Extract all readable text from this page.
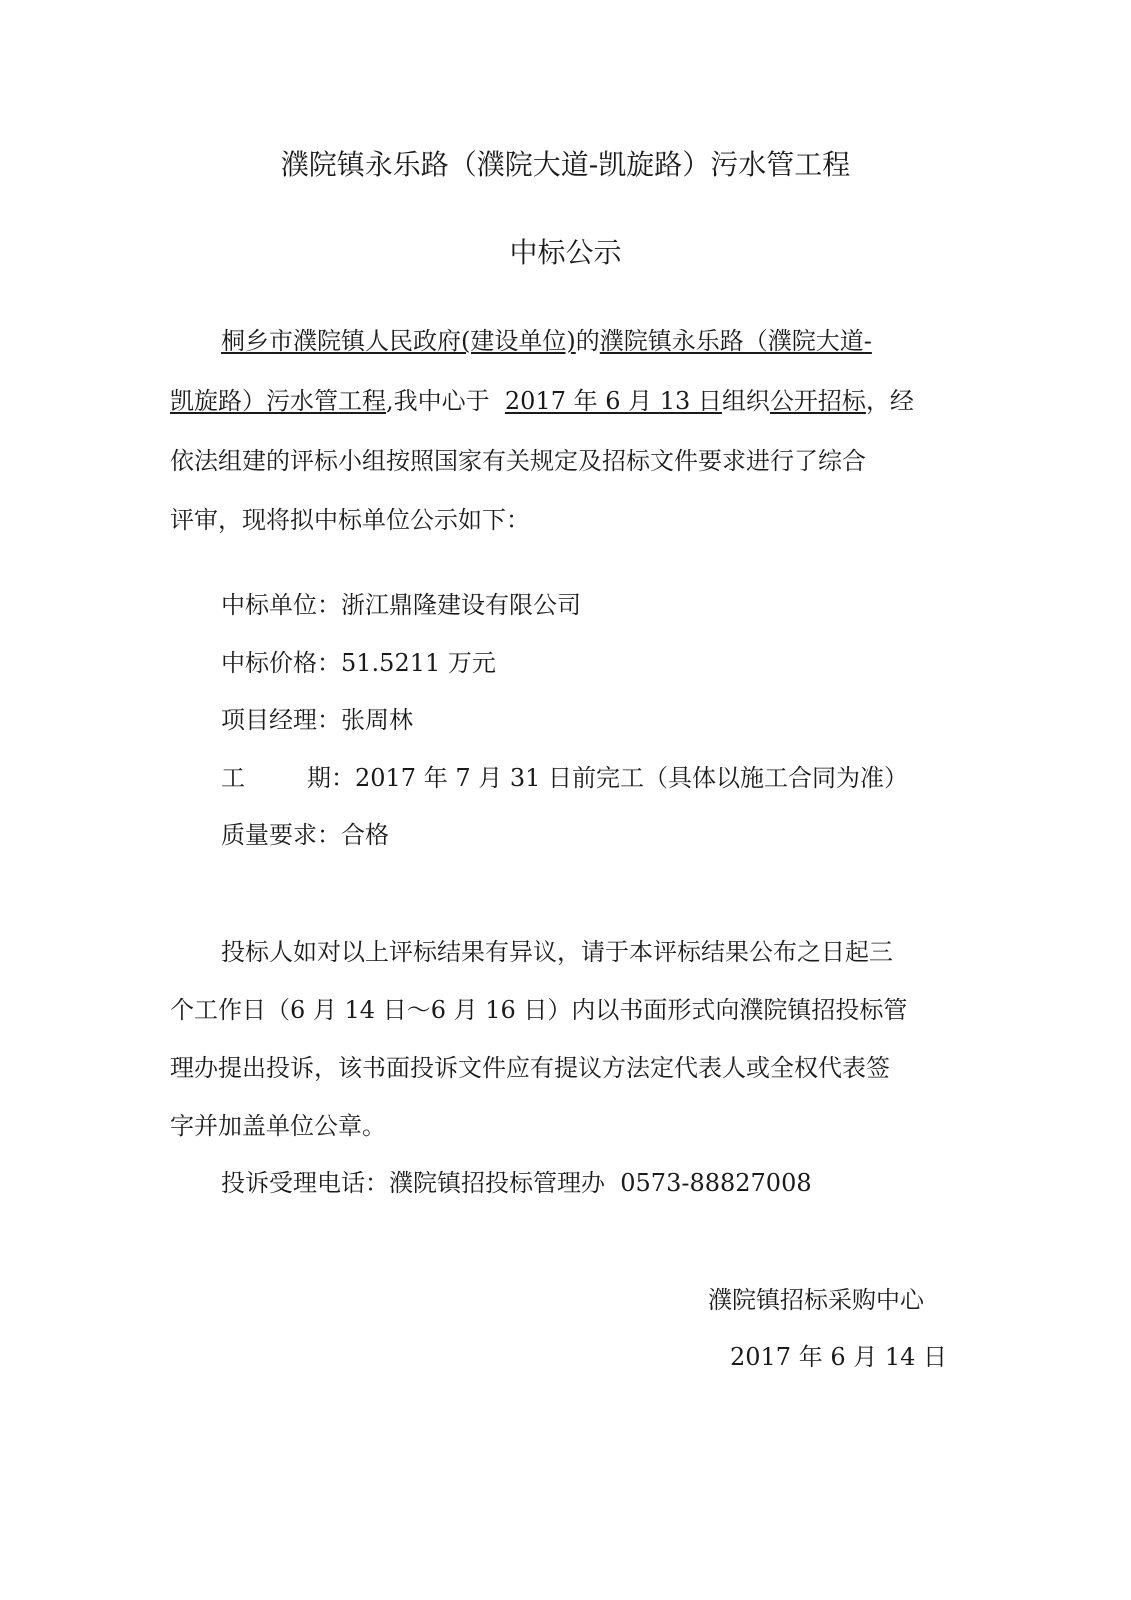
濮院镇永乐路（濮院大道-凯旋路）污水管工程
中标公示
桐乡市濮院镇人民政府(建设单位)的濮院镇永乐路（濮院大道-
凯旋路）污水管工程,我中心于 2017 年 6 月 13 日组织公开招标，经
依法组建的评标小组按照国家有关规定及招标文件要求进行了综合
评审，现将拟中标单位公示如下：
中标单位：浙江鼎隆建设有限公司
中标价格：51.5211 万元
项目经理：张周林
工	期：2017 年 7 月 31 日前完工（具体以施工合同为准）
质量要求：合格
投标人如对以上评标结果有异议，请于本评标结果公布之日起三
个工作日（6 月 14 日～6 月 16 日）内以书面形式向濮院镇招投标管
理办提出投诉，该书面投诉文件应有提议方法定代表人或全权代表签
字并加盖单位公章。
投诉受理电话：濮院镇招投标管理办 0573-88827008
濮院镇招标采购中心
2017 年 6 月 14 日
